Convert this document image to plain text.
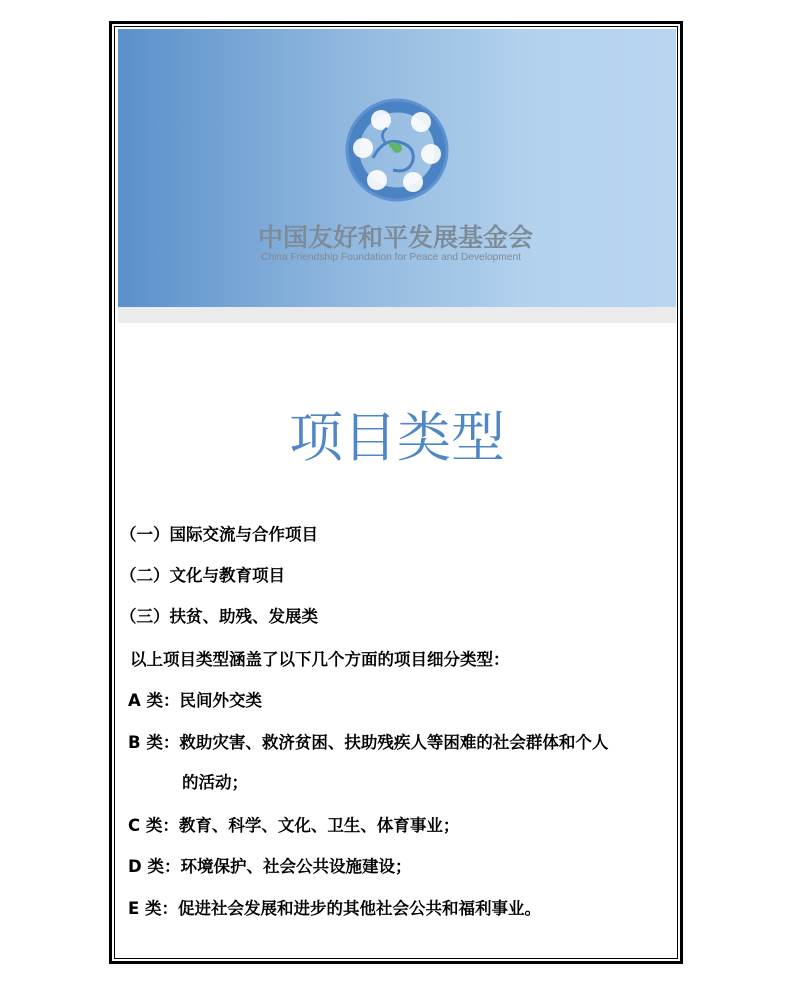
中国友好和平发展基金会
China Friendship Foundation for Peace and Development
项目类型
（一）国际交流与合作项目
（二）文化与教育项目
（三）扶贫、助残、发展类
以上项目类型涵盖了以下几个方面的项目细分类型：
A 类：民间外交类
B 类：救助灾害、救济贫困、扶助残疾人等困难的社会群体和个人
的活动；
C 类：教育、科学、文化、卫生、体育事业；
D 类：环境保护、社会公共设施建设；
E 类：促进社会发展和进步的其他社会公共和福利事业。
